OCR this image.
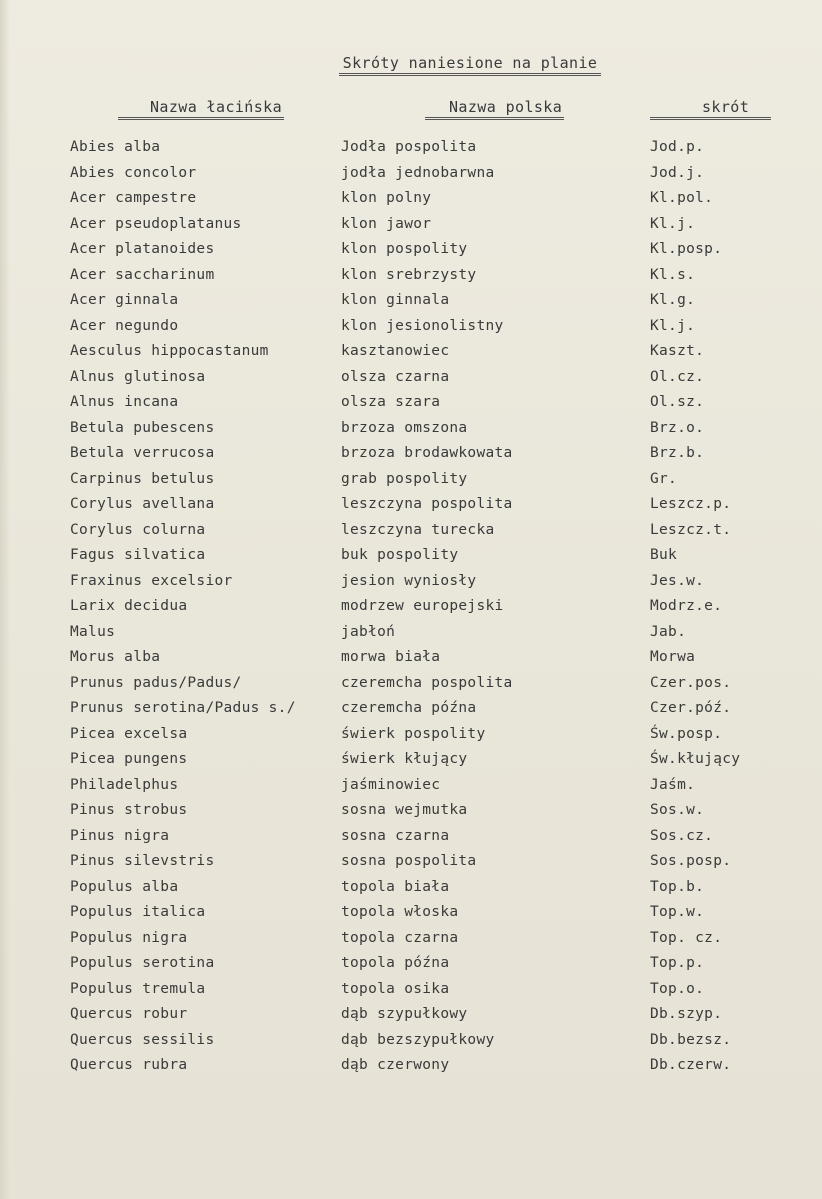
Skróty naniesione na planie
Nazwa łacińska	Nazwa polska	skrót
Abies alba	Jodła pospolita	Jod.p.
Abies concolor	jodła jednobarwna	Jod.j.
Acer campestre	klon polny	Kl.pol.
Acer pseudoplatanus	klon jawor	Kl.j.
Acer platanoides	klon pospolity	Kl.posp.
Acer saccharinum	klon srebrzysty	Kl.s.
Acer ginnala	klon ginnala	Kl.g.
Acer negundo	klon jesionolistny	Kl.j.
Aesculus hippocastanum	kasztanowiec	Kaszt.
Alnus glutinosa	olsza czarna	Ol.cz.
Alnus incana	olsza szara	Ol.sz.
Betula pubescens	brzoza omszona	Brz.o.
Betula verrucosa	brzoza brodawkowata	Brz.b.
Carpinus betulus	grab pospolity	Gr.
Corylus avellana	leszczyna pospolita	Leszcz.p.
Corylus colurna	leszczyna turecka	Leszcz.t.
Fagus silvatica	buk pospolity	Buk
Fraxinus excelsior	jesion wyniosły	Jes.w.
Larix decidua	modrzew europejski	Modrz.e.
Malus	jabłoń	Jab.
Morus alba	morwa biała	Morwa
Prunus padus/Padus/	czeremcha pospolita	Czer.pos.
Prunus serotina/Padus s./	czeremcha późna	Czer.póź.
Picea excelsa	świerk pospolity	Św.posp.
Picea pungens	świerk kłujący	Św.kłujący
Philadelphus	jaśminowiec	Jaśm.
Pinus strobus	sosna wejmutka	Sos.w.
Pinus nigra	sosna czarna	Sos.cz.
Pinus silevstris	sosna pospolita	Sos.posp.
Populus alba	topola biała	Top.b.
Populus italica	topola włoska	Top.w.
Populus nigra	topola czarna	Top. cz.
Populus serotina	topola późna	Top.p.
Populus tremula	topola osika	Top.o.
Quercus robur	dąb szypułkowy	Db.szyp.
Quercus sessilis	dąb bezszypułkowy	Db.bezsz.
Quercus rubra	dąb czerwony	Db.czerw.
